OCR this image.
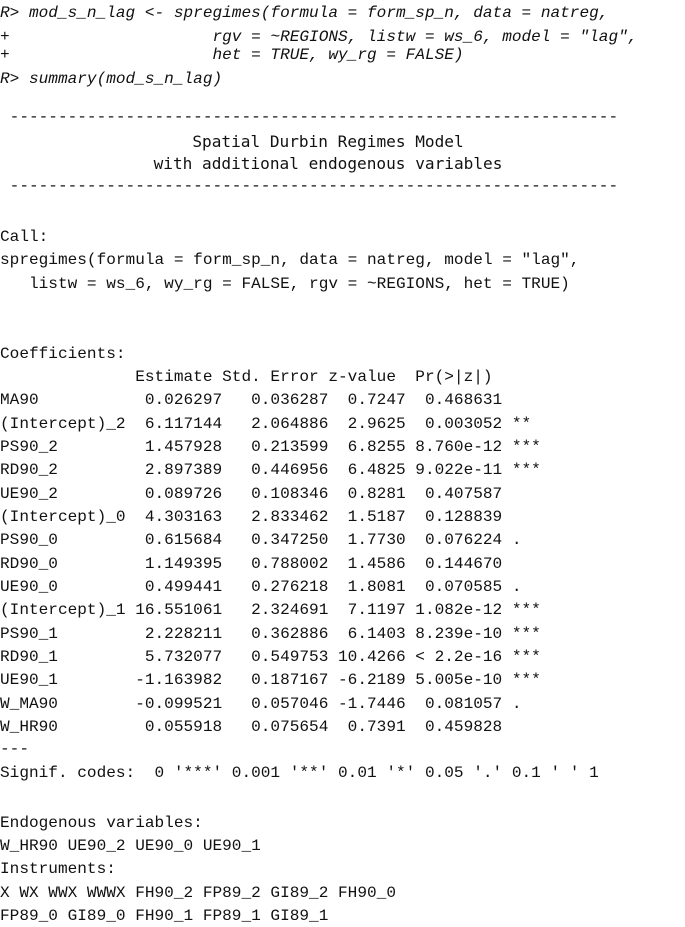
R> mod_s_n_lag <- spregimes(formula = form_sp_n, data = natreg,
+                     rgv = ~REGIONS, listw = ws_6, model = "lag",
+                     het = TRUE, wy_rg = FALSE)
R> summary(mod_s_n_lag)
---------------------------------------------------------------
Spatial Durbin Regimes Model
with additional endogenous variables
---------------------------------------------------------------
Call:
spregimes(formula = form_sp_n, data = natreg, model = "lag",
listw = ws_6, wy_rg = FALSE, rgv = ~REGIONS, het = TRUE)
Coefficients:
Estimate Std. Error z-value  Pr(>|z|)
MA90           0.026297   0.036287  0.7247  0.468631
(Intercept)_2  6.117144   2.064886  2.9625  0.003052 **
PS90_2         1.457928   0.213599  6.8255 8.760e-12 ***
RD90_2         2.897389   0.446956  6.4825 9.022e-11 ***
UE90_2         0.089726   0.108346  0.8281  0.407587
(Intercept)_0  4.303163   2.833462  1.5187  0.128839
PS90_0         0.615684   0.347250  1.7730  0.076224 .
RD90_0         1.149395   0.788002  1.4586  0.144670
UE90_0         0.499441   0.276218  1.8081  0.070585 .
(Intercept)_1 16.551061   2.324691  7.1197 1.082e-12 ***
PS90_1         2.228211   0.362886  6.1403 8.239e-10 ***
RD90_1         5.732077   0.549753 10.4266 < 2.2e-16 ***
UE90_1        -1.163982   0.187167 -6.2189 5.005e-10 ***
W_MA90        -0.099521   0.057046 -1.7446  0.081057 .
W_HR90         0.055918   0.075654  0.7391  0.459828
---
Signif. codes:  0 '***' 0.001 '**' 0.01 '*' 0.05 '.' 0.1 ' ' 1
Endogenous variables:
W_HR90 UE90_2 UE90_0 UE90_1
Instruments:
X WX WWX WWWX FH90_2 FP89_2 GI89_2 FH90_0
FP89_0 GI89_0 FH90_1 FP89_1 GI89_1
